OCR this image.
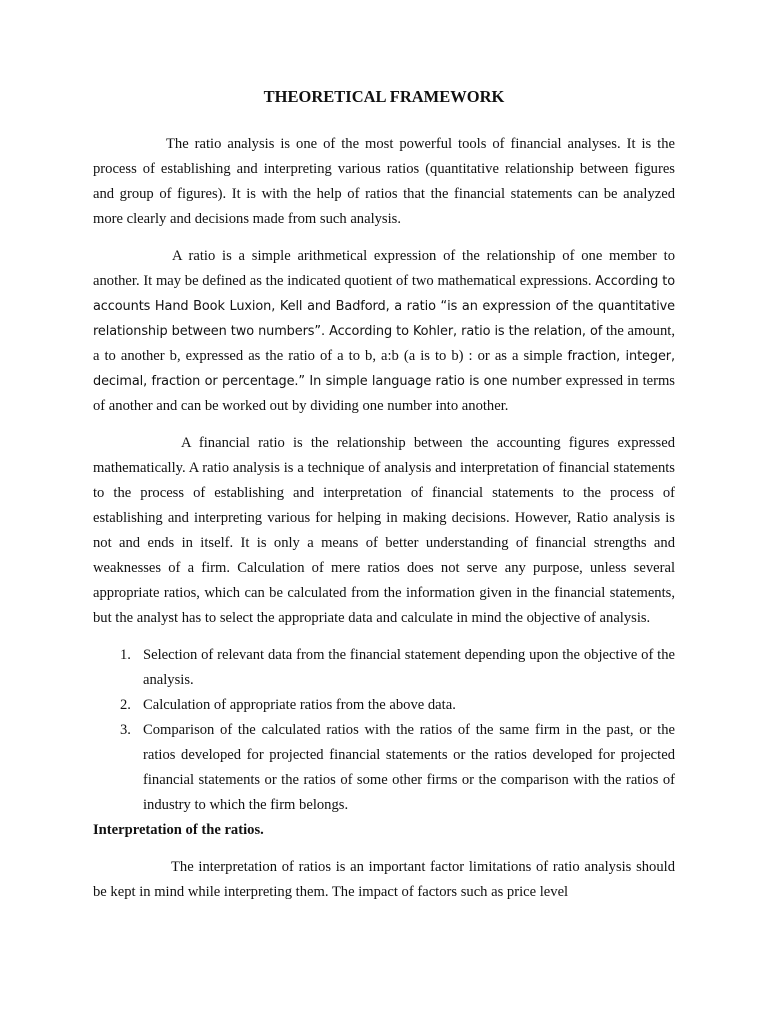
THEORETICAL FRAMEWORK

The ratio analysis is one of the most powerful tools of financial analyses. It is the process of establishing and interpreting various ratios (quantitative relationship between figures and group of figures). It is with the help of ratios that the financial statements can be analyzed more clearly and decisions made from such analysis.

A ratio is a simple arithmetical expression of the relationship of one member to another. It may be defined as the indicated quotient of two mathematical expressions. According to accounts Hand Book Luxion, Kell and Badford, a ratio “is an expression of the quantitative relationship between two numbers”. According to Kohler, ratio is the relation, of the amount, a to another b, expressed as the ratio of a to b, a:b (a is to b) : or as a simple fraction, integer, decimal, fraction or percentage.” In simple language ratio is one number expressed in terms of another and can be worked out by dividing one number into another.

A financial ratio is the relationship between the accounting figures expressed mathematically. A ratio analysis is a technique of analysis and interpretation of financial statements to the process of establishing and interpretation of financial statements to the process of establishing and interpreting various for helping in making decisions. However, Ratio analysis is not and ends in itself. It is only a means of better understanding of financial strengths and weaknesses of a firm. Calculation of mere ratios does not serve any purpose, unless several appropriate ratios, which can be calculated from the information given in the financial statements, but the analyst has to select the appropriate data and calculate in mind the objective of analysis.

1. Selection of relevant data from the financial statement depending upon the objective of the analysis.
2. Calculation of appropriate ratios from the above data.
3. Comparison of the calculated ratios with the ratios of the same firm in the past, or the ratios developed for projected financial statements or the ratios developed for projected financial statements or the ratios of some other firms or the comparison with the ratios of industry to which the firm belongs.
Interpretation of the ratios.

The interpretation of ratios is an important factor limitations of ratio analysis should be kept in mind while interpreting them. The impact of factors such as price level
